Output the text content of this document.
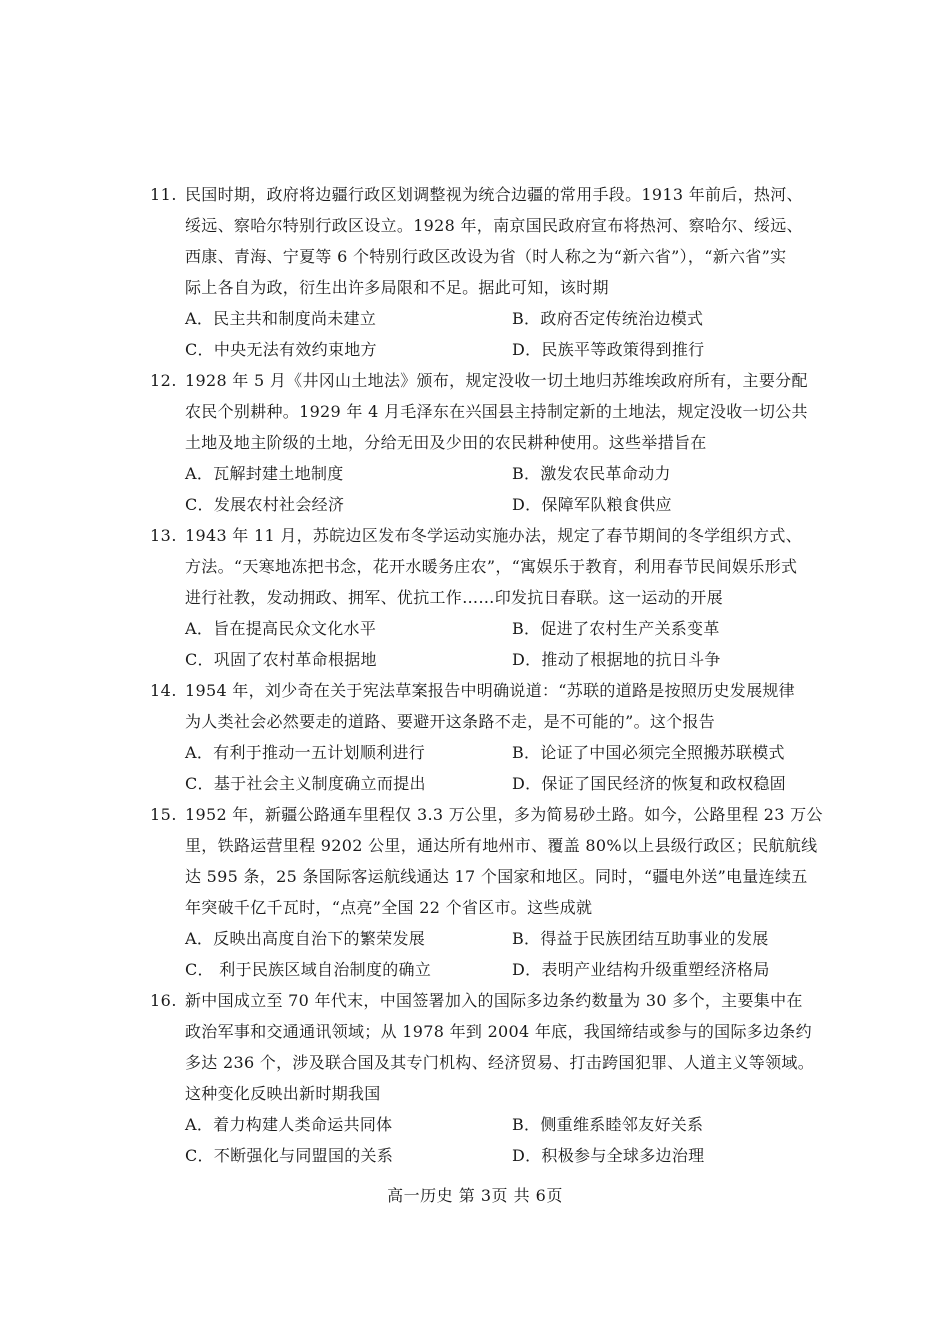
11. 民国时期，政府将边疆行政区划调整视为统合边疆的常用手段。1913 年前后，热河、
绥远、察哈尔特别行政区设立。1928 年，南京国民政府宣布将热河、察哈尔、绥远、
西康、青海、宁夏等 6 个特别行政区改设为省（时人称之为“新六省”），“新六省”实
际上各自为政，衍生出许多局限和不足。据此可知，该时期
A．民主共和制度尚未建立	B．政府否定传统治边模式
C．中央无法有效约束地方	D．民族平等政策得到推行
12. 1928 年 5 月《井冈山土地法》颁布，规定没收一切土地归苏维埃政府所有，主要分配
农民个别耕种。1929 年 4 月毛泽东在兴国县主持制定新的土地法，规定没收一切公共
土地及地主阶级的土地，分给无田及少田的农民耕种使用。这些举措旨在
A．瓦解封建土地制度	B．激发农民革命动力
C．发展农村社会经济	D．保障军队粮食供应
13. 1943 年 11 月，苏皖边区发布冬学运动实施办法，规定了春节期间的冬学组织方式、
方法。“天寒地冻把书念，花开水暖务庄农”，“寓娱乐于教育，利用春节民间娱乐形式
进行社教，发动拥政、拥军、优抗工作……印发抗日春联。这一运动的开展
A．旨在提高民众文化水平	B．促进了农村生产关系变革
C．巩固了农村革命根据地	D．推动了根据地的抗日斗争
14. 1954 年，刘少奇在关于宪法草案报告中明确说道：“苏联的道路是按照历史发展规律
为人类社会必然要走的道路、要避开这条路不走，是不可能的”。这个报告
A．有利于推动一五计划顺利进行	B．论证了中国必须完全照搬苏联模式
C．基于社会主义制度确立而提出	D．保证了国民经济的恢复和政权稳固
15. 1952 年，新疆公路通车里程仅 3.3 万公里，多为简易砂土路。如今，公路里程 23 万公
里，铁路运营里程 9202 公里，通达所有地州市、覆盖 80%以上县级行政区；民航航线
达 595 条，25 条国际客运航线通达 17 个国家和地区。同时，“疆电外送”电量连续五
年突破千亿千瓦时，“点亮”全国 22 个省区市。这些成就
A．反映出高度自治下的繁荣发展	B．得益于民族团结互助事业的发展
C． 利于民族区域自治制度的确立	D．表明产业结构升级重塑经济格局
16. 新中国成立至 70 年代末，中国签署加入的国际多边条约数量为 30 多个，主要集中在
政治军事和交通通讯领域；从 1978 年到 2004 年底，我国缔结或参与的国际多边条约
多达 236 个，涉及联合国及其专门机构、经济贸易、打击跨国犯罪、人道主义等领域。
这种变化反映出新时期我国
A．着力构建人类命运共同体	B．侧重维系睦邻友好关系
C．不断强化与同盟国的关系	D．积极参与全球多边治理
高一历史 第 3页 共 6页
